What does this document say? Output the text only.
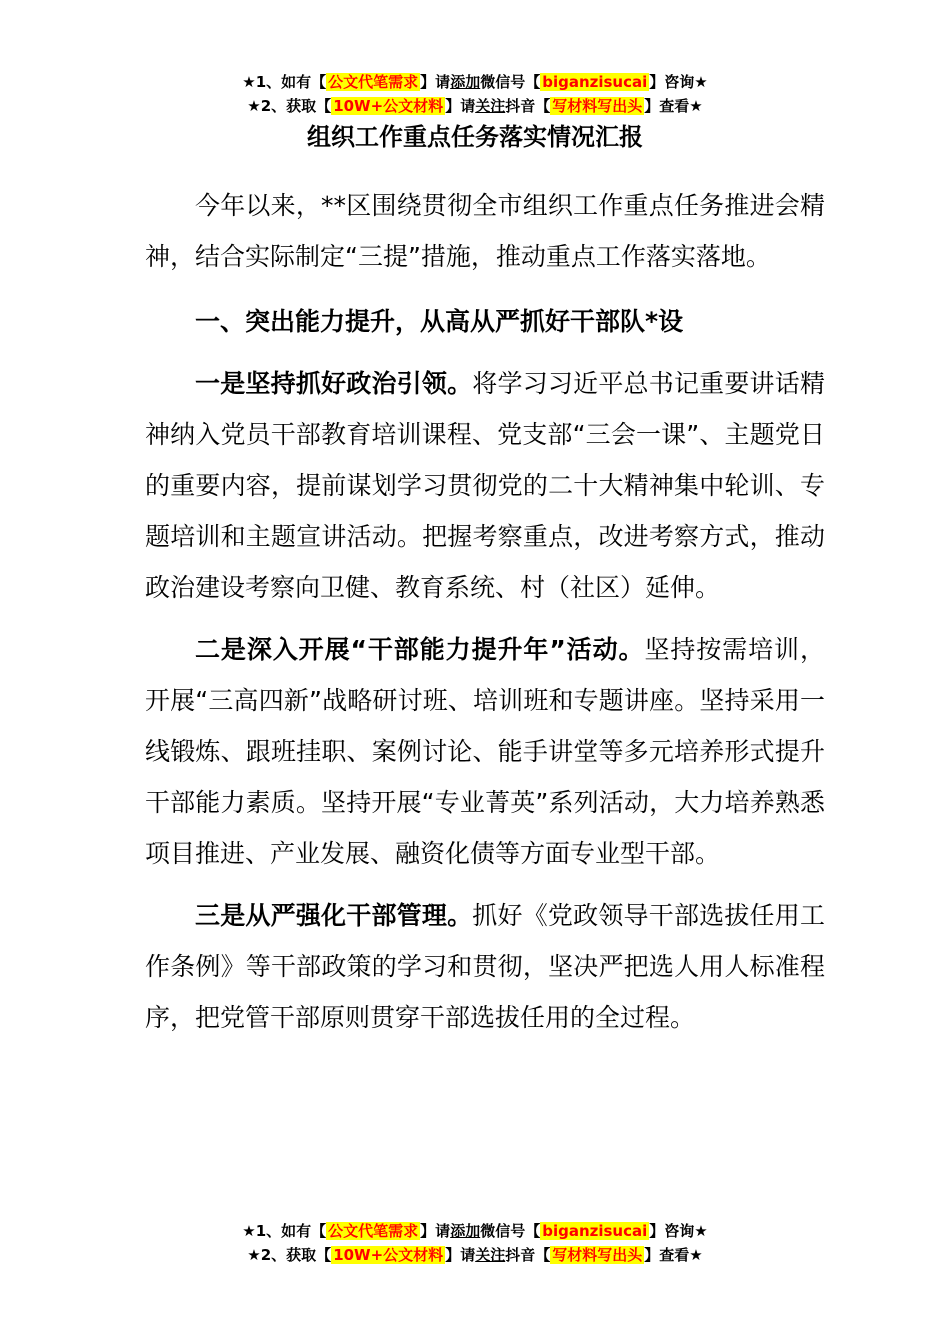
★1、如有【 公文代笔需求 】请添加微信号【 biganzisucai 】咨询★
★2、获取【 10W+公文材料 】请关注抖音【 写材料写出头 】查看★
组织工作重点任务落实情况汇报

今年以来，**区围绕贯彻全市组织工作重点任务推进会精神，结合实际制定“三提”措施，推动重点工作落实落地。

一、突出能力提升，从高从严抓好干部队*设

一是坚持抓好政治引领。将学习习近平总书记重要讲话精神纳入党员干部教育培训课程、党支部“三会一课”、主题党日的重要内容，提前谋划学习贯彻党的二十大精神集中轮训、专题培训和主题宣讲活动。把握考察重点，改进考察方式，推动政治建设考察向卫健、教育系统、村（社区）延伸。

二是深入开展“干部能力提升年”活动。坚持按需培训，开展“三高四新”战略研讨班、培训班和专题讲座。坚持采用一线锻炼、跟班挂职、案例讨论、能手讲堂等多元培养形式提升干部能力素质。坚持开展“专业菁英”系列活动，大力培养熟悉项目推进、产业发展、融资化债等方面专业型干部。

三是从严强化干部管理。抓好《党政领导干部选拔任用工作条例》等干部政策的学习和贯彻，坚决严把选人用人标准程序，把党管干部原则贯穿干部选拔任用的全过程。

★1、如有【 公文代笔需求 】请添加微信号【 biganzisucai 】咨询★
★2、获取【 10W+公文材料 】请关注抖音【 写材料写出头 】查看★
